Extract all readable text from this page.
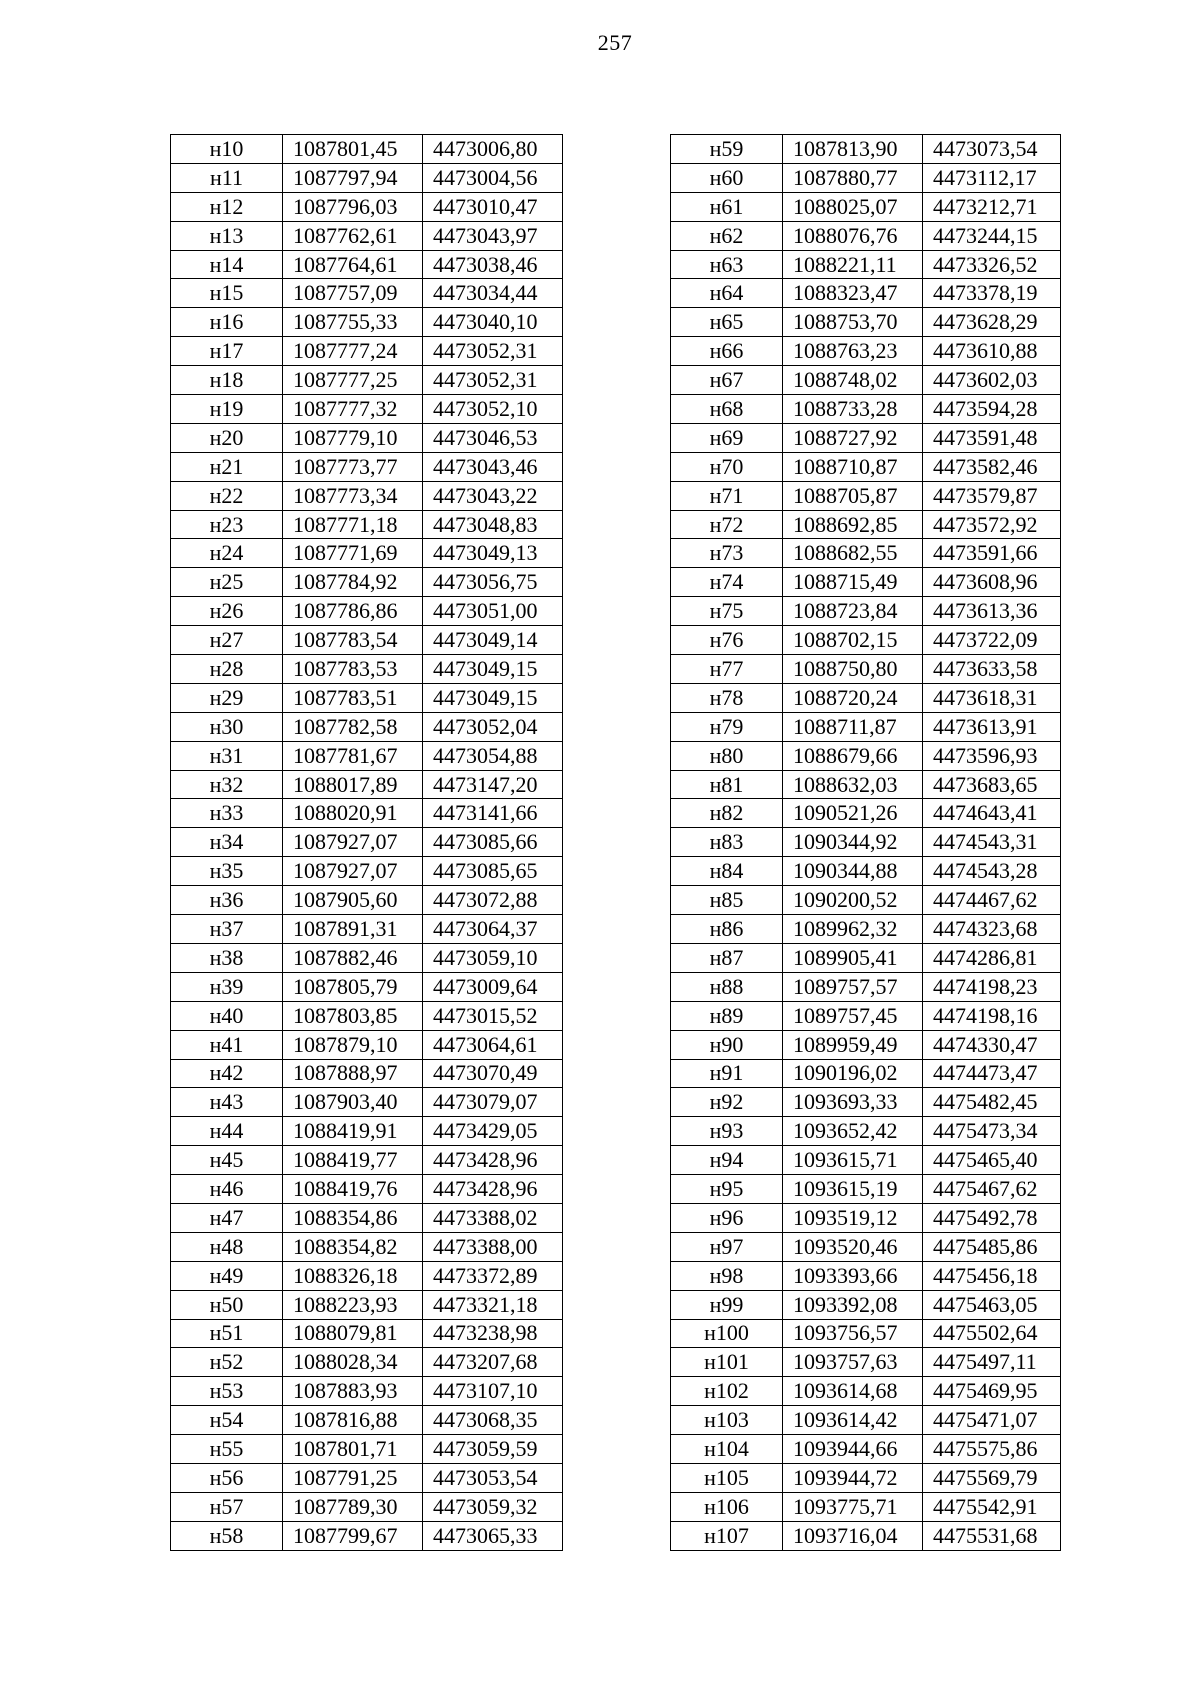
257
н10	1087801,45	4473006,80
н11	1087797,94	4473004,56
н12	1087796,03	4473010,47
н13	1087762,61	4473043,97
н14	1087764,61	4473038,46
н15	1087757,09	4473034,44
н16	1087755,33	4473040,10
н17	1087777,24	4473052,31
н18	1087777,25	4473052,31
н19	1087777,32	4473052,10
н20	1087779,10	4473046,53
н21	1087773,77	4473043,46
н22	1087773,34	4473043,22
н23	1087771,18	4473048,83
н24	1087771,69	4473049,13
н25	1087784,92	4473056,75
н26	1087786,86	4473051,00
н27	1087783,54	4473049,14
н28	1087783,53	4473049,15
н29	1087783,51	4473049,15
н30	1087782,58	4473052,04
н31	1087781,67	4473054,88
н32	1088017,89	4473147,20
н33	1088020,91	4473141,66
н34	1087927,07	4473085,66
н35	1087927,07	4473085,65
н36	1087905,60	4473072,88
н37	1087891,31	4473064,37
н38	1087882,46	4473059,10
н39	1087805,79	4473009,64
н40	1087803,85	4473015,52
н41	1087879,10	4473064,61
н42	1087888,97	4473070,49
н43	1087903,40	4473079,07
н44	1088419,91	4473429,05
н45	1088419,77	4473428,96
н46	1088419,76	4473428,96
н47	1088354,86	4473388,02
н48	1088354,82	4473388,00
н49	1088326,18	4473372,89
н50	1088223,93	4473321,18
н51	1088079,81	4473238,98
н52	1088028,34	4473207,68
н53	1087883,93	4473107,10
н54	1087816,88	4473068,35
н55	1087801,71	4473059,59
н56	1087791,25	4473053,54
н57	1087789,30	4473059,32
н58	1087799,67	4473065,33
н59	1087813,90	4473073,54
н60	1087880,77	4473112,17
н61	1088025,07	4473212,71
н62	1088076,76	4473244,15
н63	1088221,11	4473326,52
н64	1088323,47	4473378,19
н65	1088753,70	4473628,29
н66	1088763,23	4473610,88
н67	1088748,02	4473602,03
н68	1088733,28	4473594,28
н69	1088727,92	4473591,48
н70	1088710,87	4473582,46
н71	1088705,87	4473579,87
н72	1088692,85	4473572,92
н73	1088682,55	4473591,66
н74	1088715,49	4473608,96
н75	1088723,84	4473613,36
н76	1088702,15	4473722,09
н77	1088750,80	4473633,58
н78	1088720,24	4473618,31
н79	1088711,87	4473613,91
н80	1088679,66	4473596,93
н81	1088632,03	4473683,65
н82	1090521,26	4474643,41
н83	1090344,92	4474543,31
н84	1090344,88	4474543,28
н85	1090200,52	4474467,62
н86	1089962,32	4474323,68
н87	1089905,41	4474286,81
н88	1089757,57	4474198,23
н89	1089757,45	4474198,16
н90	1089959,49	4474330,47
н91	1090196,02	4474473,47
н92	1093693,33	4475482,45
н93	1093652,42	4475473,34
н94	1093615,71	4475465,40
н95	1093615,19	4475467,62
н96	1093519,12	4475492,78
н97	1093520,46	4475485,86
н98	1093393,66	4475456,18
н99	1093392,08	4475463,05
н100	1093756,57	4475502,64
н101	1093757,63	4475497,11
н102	1093614,68	4475469,95
н103	1093614,42	4475471,07
н104	1093944,66	4475575,86
н105	1093944,72	4475569,79
н106	1093775,71	4475542,91
н107	1093716,04	4475531,68
